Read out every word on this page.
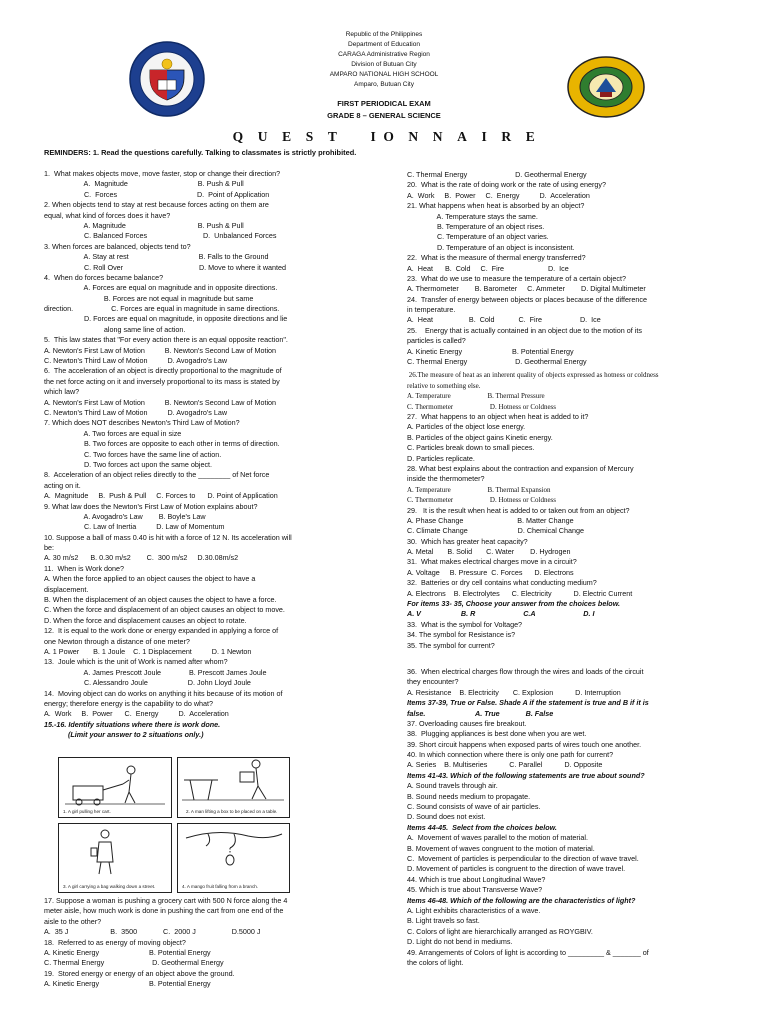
Republic of the Philippines
Department of Education
CARAGA Administrative Region
Division of Butuan City
AMPARO NATIONAL HIGH SCHOOL
Amparo, Butuan City
FIRST PERIODICAL EXAM
GRADE 8 – GENERAL SCIENCE
Q U E S T I O N N A I R E
REMINDERS: 1. Read the questions carefully. Talking to classmates is strictly prohibited.
1.  What makes objects move, move faster, stop or change their direction?
A.  Magnitude                                   B. Push & Pull
C.  Forces                                        D.  Point of Application
2. When objects tend to stay at rest because forces acting on them are
equal, what kind of forces does it have?
A. Magnitude                                    B. Push & Pull
C. Balanced Forces                            D.  Unbalanced Forces
3. When forces are balanced, objects tend to?
A. Stay at rest                                   B. Falls to the Ground
C. Roll Over                                      D. Move to where it wanted
4.  When do forces became balance?
A. Forces are equal on magnitude and in opposite directions.
B. Forces are not equal in magnitude but same
direction.                   C. Forces are equal in magnitude in same directions.
D. Forces are equal on magnitude, in opposite directions and lie
along same line of action.
5.  This law states that "For every action there is an equal opposite reaction".
A. Newton's First Law of Motion          B. Newton's Second Law of Motion
C. Newton's Third Law of Motion          D. Avogadro's Law
6.  The acceleration of an object is directly proportional to the magnitude of
the net force acting on it and inversely proportional to its mass is stated by
which law?
A. Newton's First Law of Motion          B. Newton's Second Law of Motion
C. Newton's Third Law of Motion          D. Avogadro's Law
7. Which does NOT describes Newton's Third Law of Motion?
A. Two forces are equal in size
B. Two forces are opposite to each other in terms of direction.
C. Two forces have the same line of action.
D. Two forces act upon the same object.
8.  Acceleration of an object relies directly to the ________ of Net force
acting on it.
A.  Magnitude     B.  Push & Pull     C. Forces to      D. Point of Application
9. What law does the Newton's First Law of Motion explains about?
A. Avogadro's Law        B. Boyle's Law
C. Law of Inertia          D. Law of Momentum
10. Suppose a ball of mass 0.40 is hit with a force of 12 N. Its acceleration will
be:
A. 30 m/s2      B. 0.30 m/s2        C.  300 m/s2     D.30.08m/s2
11.  When is Work done?
A. When the force applied to an object causes the object to have a
displacement.
B. When the displacement of an object causes the object to have a force.
C. When the force and displacement of an object causes an object to move.
D. When the force and displacement causes an object to rotate.
12.  It is equal to the work done or energy expanded in applying a force of
one Newton through a distance of one meter?
A. 1 Power       B. 1 Joule    C. 1 Displacement          D. 1 Newton
13.  Joule which is the unit of Work is named after whom?
A. James Prescott Joule              B. Prescott James Joule
C. Alessandro Joule                    D. John Lloyd Joule
14.  Moving object can do works on anything it hits because of its motion of
energy; therefore energy is the capability to do what?
A.  Work     B.  Power      C.  Energy          D.  Acceleration
15.-16. Identify situations where there is work done.
(Limit your answer to 2 situations only.)
C. Thermal Energy                        D. Geothermal Energy
20.  What is the rate of doing work or the rate of using energy?
A.  Work     B.  Power     C.  Energy          D.  Acceleration
21. What happens when heat is absorbed by an object?
A. Temperature stays the same.
B. Temperature of an object rises.
C. Temperature of an object varies.
D. Temperature of an object is inconsistent.
22.  What is the measure of thermal energy transferred?
A.  Heat      B.  Cold     C.  Fire                      D.  Ice
23.  What do we use to measure the temperature of a certain object?
A. Thermometer        B. Barometer     C. Ammeter        D. Digital Multimeter
24.  Transfer of energy between objects or places because of the difference
in temperature.
A.  Heat                  B.  Cold            C.  Fire                   D.  Ice
25.    Energy that is actually contained in an object due to the motion of its
particles is called?
A. Kinetic Energy                         B. Potential Energy
C. Thermal Energy                        D. Geothermal Energy
26.The measure of heat as an inherent quality of objects expressed as hotness or coldness
relative to something else.
A. Temperature                     B. Thermal Pressure
C. Thermometer                     D. Hotness or Coldness
27.  What happens to an object when heat is added to it?
A. Particles of the object lose energy.
B. Particles of the object gains Kinetic energy.
C. Particles break down to small pieces.
D. Particles replicate.
28. What best explains about the contraction and expansion of Mercury
inside the thermometer?
A. Temperature                     B. Thermal Expansion
C. Thermometer                     D. Hotness or Coldness
29.   It is the result when heat is added to or taken out from an object?
A. Phase Change                           B. Matter Change
C. Climate Change                         D. Chemical Change
30.  Which has greater heat capacity?
A. Metal       B. Solid       C. Water        D. Hydrogen
31.  What makes electrical charges move in a circuit?
A. Voltage     B. Pressure  C. Forces      D. Electrons
32.  Batteries or dry cell contains what conducting medium?
A. Electrons    B. Electrolytes      C. Electricity           D. Electric Current
For items 33- 35, Choose your answer from the choices below.
A. V                    B. R                        C.A                        D. I
33.  What is the symbol for Voltage?
34. The symbol for Resistance is?
35. The symbol for current?
36.  When electrical charges flow through the wires and loads of the circuit
they encounter?
A. Resistance    B. Electricity       C. Explosion           D. Interruption
Items 37-39, True or False. Shade A if the statement is true and B if it is
false.                         A. True             B. False
37. Overloading causes fire breakout.
38.  Plugging appliances is best done when you are wet.
39. Short circuit happens when exposed parts of wires touch one another.
40. In which connection where there is only one path for current?
A. Series    B. Multiseries           C. Parallel           D. Opposite
Items 41-43. Which of the following statements are true about sound?
A. Sound travels through air.
B. Sound needs medium to propagate.
C. Sound consists of wave of air particles.
D. Sound does not exist.
Items 44-45.  Select from the choices below.
A.  Movement of waves parallel to the motion of material.
B. Movement of waves congruent to the motion of material.
C.  Movement of particles is perpendicular to the direction of wave travel.
D. Movement of particles is congruent to the direction of wave travel.
44. Which is true about Longitudinal Wave?
45. Which is true about Transverse Wave?
Items 46-48. Which of the following are the characteristics of light?
A. Light exhibits characteristics of a wave.
B. Light travels so fast.
C. Colors of light are hierarchically arranged as ROYGBIV.
D. Light do not bend in mediums.
49. Arrangements of Colors of light is according to _________ & _______ of
the colors of light.
1. A girl pulling her cart.	2. A man lifting a box to be placed on a table.
3. A girl carrying a bag walking down a street.	4. A mango fruit falling from a branch.
17. Suppose a woman is pushing a grocery cart with 500 N force along the 4
meter aisle, how much work is done in pushing the cart from one end of the
aisle to the other?
A.  35 J                     B.  3500             C.  2000 J                  D.5000 J
18.  Referred to as energy of moving object?
A. Kinetic Energy                         B. Potential Energy
C. Thermal Energy                        D. Geothermal Energy
19.  Stored energy or energy of an object above the ground.
A. Kinetic Energy                         B. Potential Energy
